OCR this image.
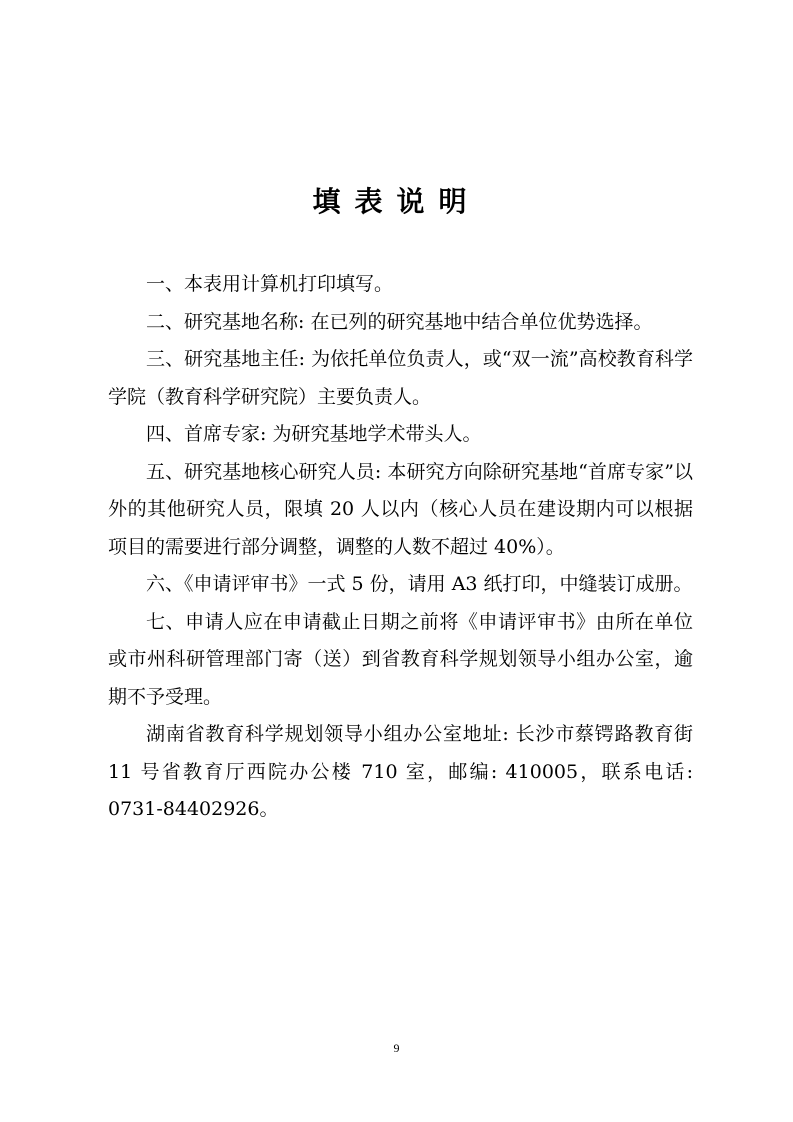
填表说明

一、本表用计算机打印填写。

二、研究基地名称: 在已列的研究基地中结合单位优势选择。

三、研究基地主任: 为依托单位负责人，或“双一流”高校教育科学学院（教育科学研究院）主要负责人。

四、首席专家: 为研究基地学术带头人。

五、研究基地核心研究人员: 本研究方向除研究基地“首席专家”以外的其他研究人员，限填 20 人以内（核心人员在建设期内可以根据项目的需要进行部分调整，调整的人数不超过 40%）。

六、《申请评审书》一式 5 份，请用 A3 纸打印，中缝装订成册。

七、申请人应在申请截止日期之前将《申请评审书》由所在单位或市州科研管理部门寄（送）到省教育科学规划领导小组办公室，逾期不予受理。

湖南省教育科学规划领导小组办公室地址: 长沙市蔡锷路教育街 11 号省教育厅西院办公楼 710 室，邮编: 410005，联系电话: 0731-84402926。

9
